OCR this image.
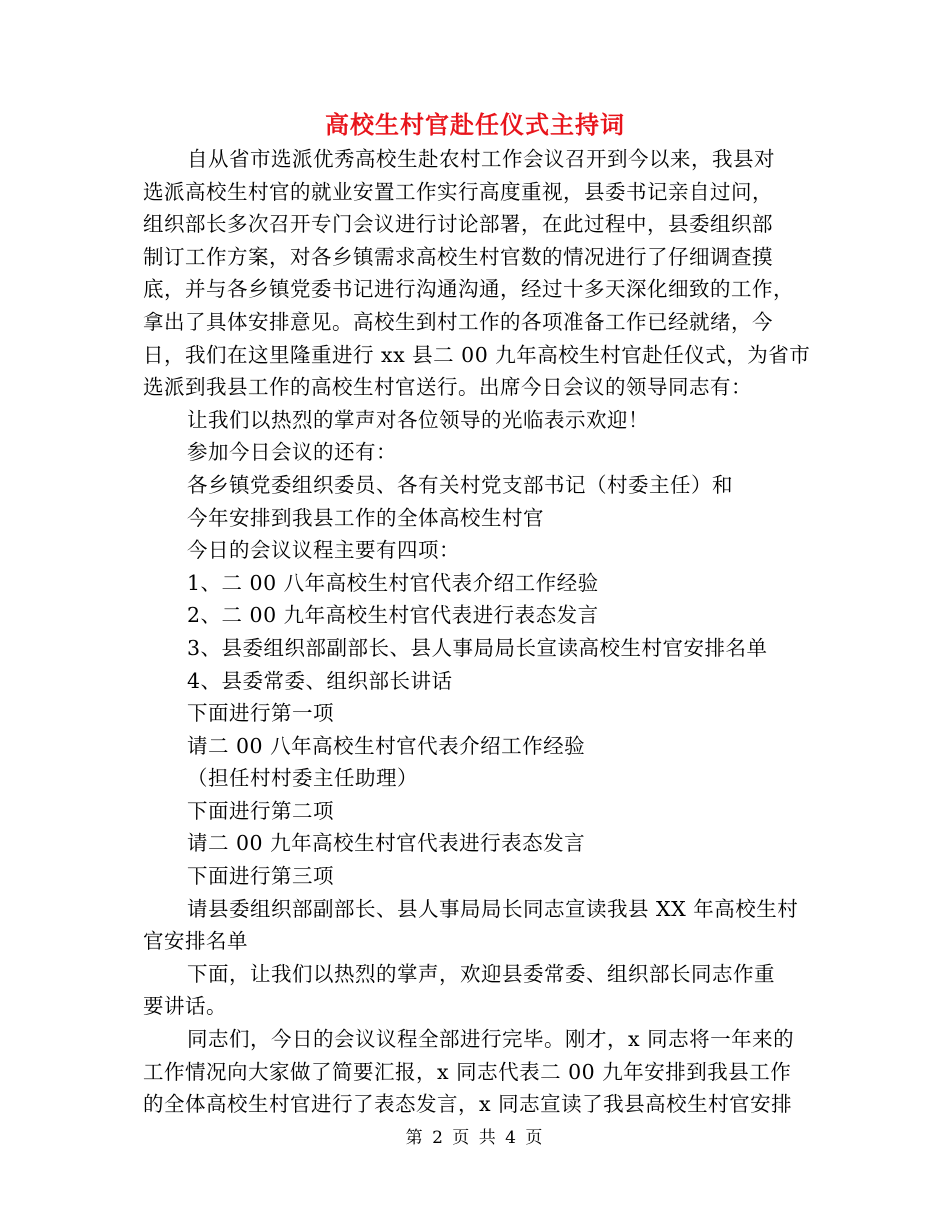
高校生村官赴任仪式主持词
自从省市选派优秀高校生赴农村工作会议召开到今以来，我县对
选派高校生村官的就业安置工作实行高度重视，县委书记亲自过问，
组织部长多次召开专门会议进行讨论部署，在此过程中，县委组织部
制订工作方案，对各乡镇需求高校生村官数的情况进行了仔细调查摸
底，并与各乡镇党委书记进行沟通沟通，经过十多天深化细致的工作，
拿出了具体安排意见。高校生到村工作的各项准备工作已经就绪，今
日，我们在这里隆重进行 xx 县二 00 九年高校生村官赴任仪式，为省市
选派到我县工作的高校生村官送行。出席今日会议的领导同志有：
让我们以热烈的掌声对各位领导的光临表示欢迎！
参加今日会议的还有：
各乡镇党委组织委员、各有关村党支部书记（村委主任）和
今年安排到我县工作的全体高校生村官
今日的会议议程主要有四项：
1、二 00 八年高校生村官代表介绍工作经验
2、二 00 九年高校生村官代表进行表态发言
3、县委组织部副部长、县人事局局长宣读高校生村官安排名单
4、县委常委、组织部长讲话
下面进行第一项
请二 00 八年高校生村官代表介绍工作经验
（担任村村委主任助理）
下面进行第二项
请二 00 九年高校生村官代表进行表态发言
下面进行第三项
请县委组织部副部长、县人事局局长同志宣读我县 XX 年高校生村
官安排名单
下面，让我们以热烈的掌声，欢迎县委常委、组织部长同志作重
要讲话。
同志们，今日的会议议程全部进行完毕。刚才，x 同志将一年来的
工作情况向大家做了简要汇报，x 同志代表二 00 九年安排到我县工作
的全体高校生村官进行了表态发言，x 同志宣读了我县高校生村官安排
第 2 页 共 4 页
